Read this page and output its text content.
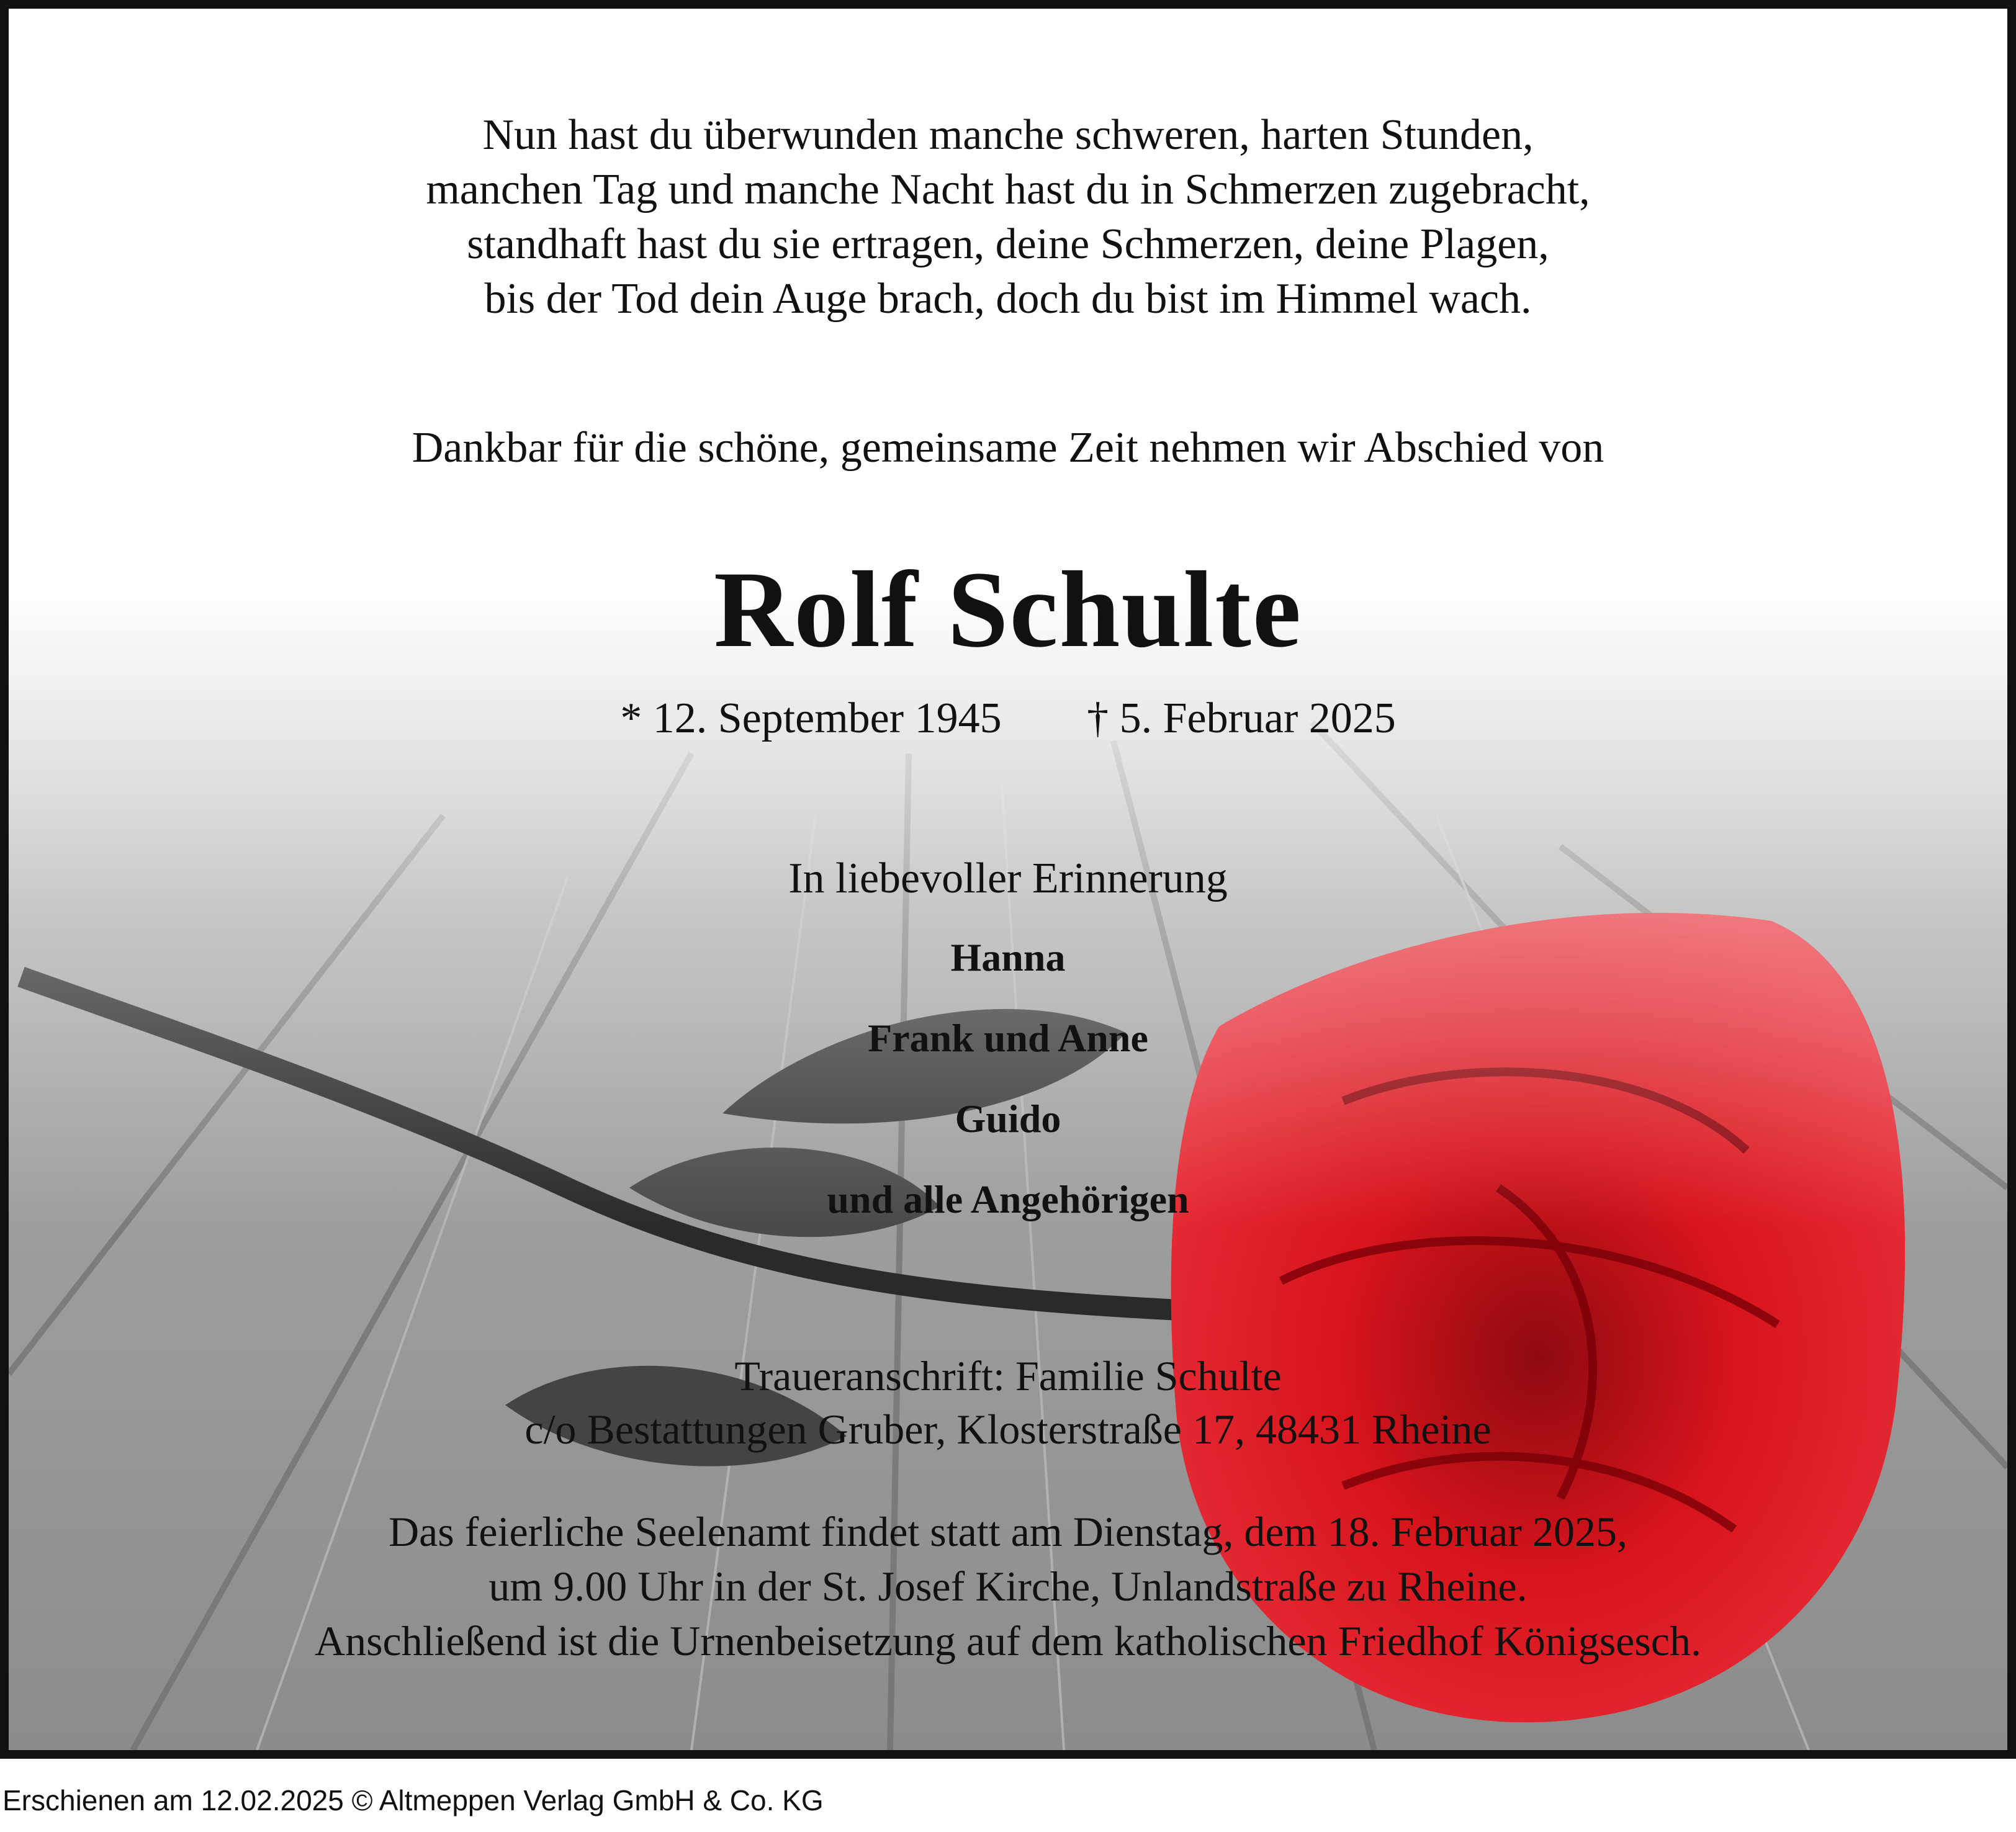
Nun hast du überwunden manche schweren, harten Stunden,
manchen Tag und manche Nacht hast du in Schmerzen zugebracht,
standhaft hast du sie ertragen, deine Schmerzen, deine Plagen,
bis der Tod dein Auge brach, doch du bist im Himmel wach.
Dankbar für die schöne, gemeinsame Zeit nehmen wir Abschied von
Rolf Schulte
* 12. September 1945 † 5. Februar 2025
In liebevoller Erinnerung
Hanna
Frank und Anne
Guido
und alle Angehörigen
Traueranschrift: Familie Schulte
c/o Bestattungen Gruber, Klosterstraße 17, 48431 Rheine
Das feierliche Seelenamt findet statt am Dienstag, dem 18. Februar 2025,
um 9.00 Uhr in der St. Josef Kirche, Unlandstraße zu Rheine.
Anschließend ist die Urnenbeisetzung auf dem katholischen Friedhof Königsesch.
Erschienen am 12.02.2025 © Altmeppen Verlag GmbH & Co. KG
